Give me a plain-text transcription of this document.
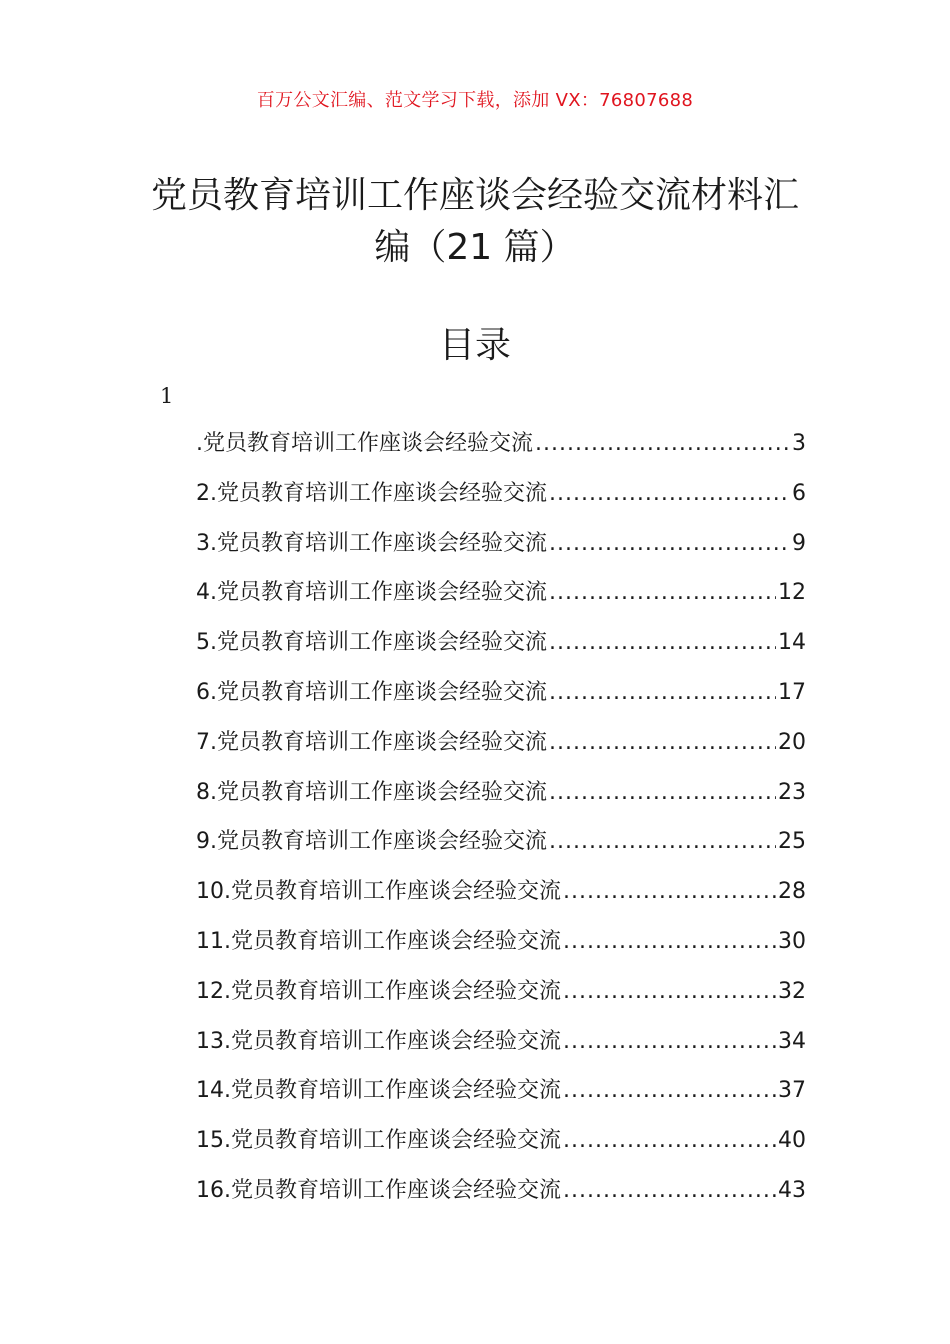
百万公文汇编、范文学习下载，添加 VX：76807688
党员教育培训工作座谈会经验交流材料汇
编（21 篇）
目录
1
.党员教育培训工作座谈会经验交流 .....	3
2.党员教育培训工作座谈会经验交流 .....	6
3.党员教育培训工作座谈会经验交流 .....	9
4.党员教育培训工作座谈会经验交流 .....	12
5.党员教育培训工作座谈会经验交流 .....	14
6.党员教育培训工作座谈会经验交流 .....	17
7.党员教育培训工作座谈会经验交流 .....	20
8.党员教育培训工作座谈会经验交流 .....	23
9.党员教育培训工作座谈会经验交流 .....	25
10.党员教育培训工作座谈会经验交流 .....	28
11.党员教育培训工作座谈会经验交流 .....	30
12.党员教育培训工作座谈会经验交流 .....	32
13.党员教育培训工作座谈会经验交流 .....	34
14.党员教育培训工作座谈会经验交流 .....	37
15.党员教育培训工作座谈会经验交流 .....	40
16.党员教育培训工作座谈会经验交流 .....	43
